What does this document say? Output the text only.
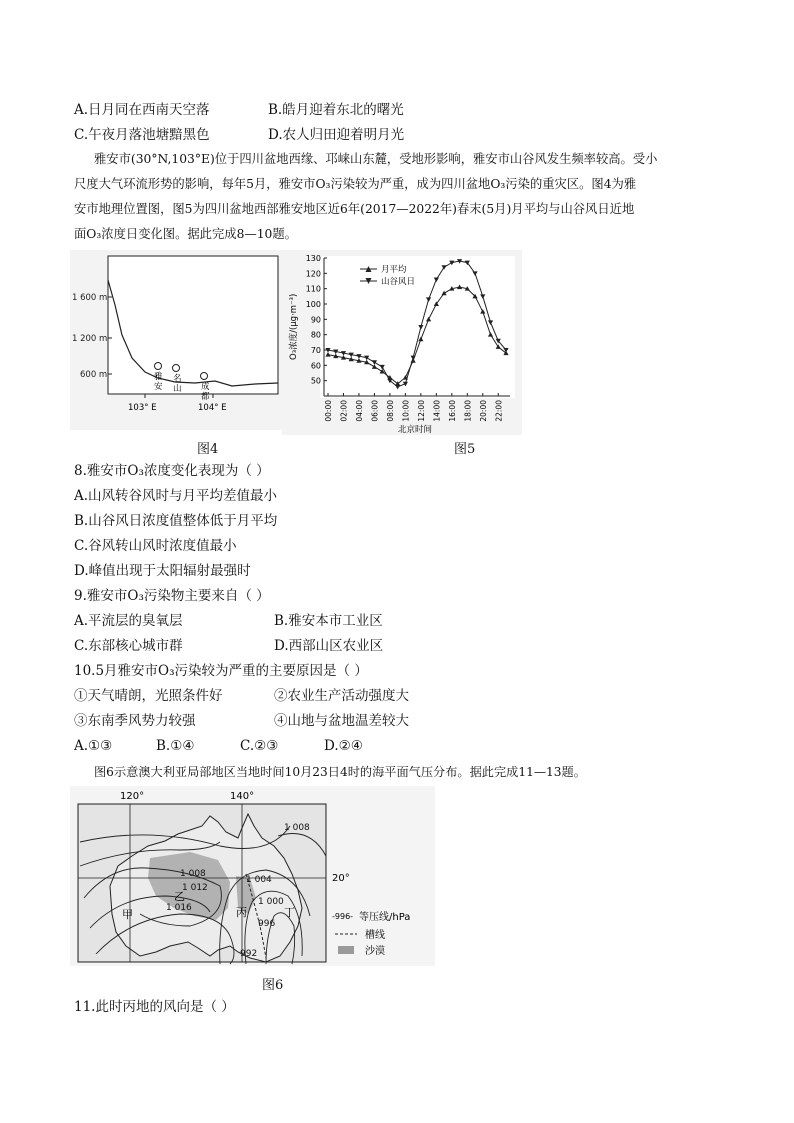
A.日月同在西南天空落	B.皓月迎着东北的曙光
C.午夜月落池塘黯黑色	D.农人归田迎着明月光
雅安市(30°N,103°E)位于四川盆地西缘、邛崃山东麓，受地形影响，雅安市山谷风发生频率较高。受小
尺度大气环流形势的影响，每年5月，雅安市O₃污染较为严重，成为四川盆地O₃污染的重灾区。图4为雅
安市地理位置图，图5为四川盆地西部雅安地区近6年(2017—2022年)春末(5月)月平均与山谷风日近地
面O₃浓度日变化图。据此完成8—10题。
1 600 m
1 200 m
600 m	雅
安
名
山 成
都
103° E	104° E
图4
50
60
70
80
90
100
110
120
130
00:00 02:00 04:00 06:00 08:00 10:00 12:00 14:00 16:00 18:00 20:00 22:00
O₃浓度/(μg·m⁻³)
北京时间
月平均
山谷风日
图5
8.雅安市O₃浓度变化表现为（ ）
A.山风转谷风时与月平均差值最小
B.山谷风日浓度值整体低于月平均
C.谷风转山风时浓度值最小
D.峰值出现于太阳辐射最强时
9.雅安市O₃污染物主要来自（ ）
A.平流层的臭氧层	B.雅安本市工业区
C.东部核心城市群	D.西部山区农业区
10.5月雅安市O₃污染较为严重的主要原因是（ ）
①天气晴朗，光照条件好	②农业生产活动强度大
③东南季风势力较强	④山地与盆地温差较大
A.①③	B.①④	C.②③	D.②④
图6示意澳大利亚局部地区当地时间10月23日4时的海平面气压分布。据此完成11—13题。
120°	140°
20°
1 008
1 008
1 012
1 016
1 004
1 000
996
992
甲
乙
丙	丁	-996- 等压线/hPa
槽线
沙漠
图6
11.此时丙地的风向是（ ）
